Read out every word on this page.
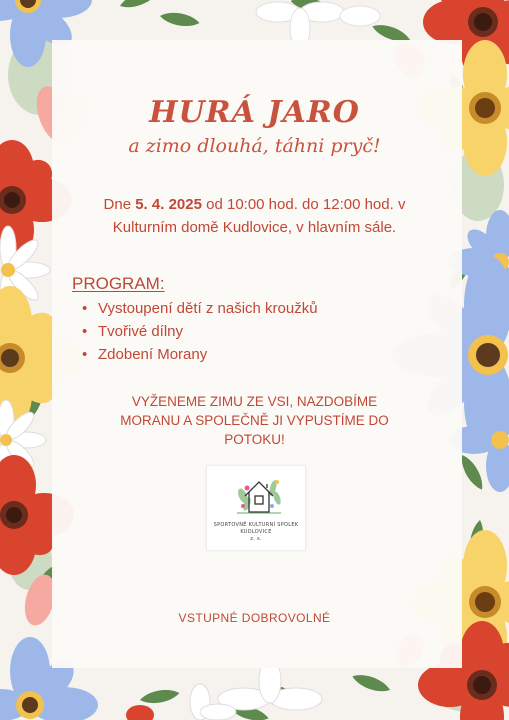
HURÁ JARO
a zimo dlouhá, táhni pryč!
Dne 5. 4. 2025 od 10:00 hod. do 12:00 hod. v Kulturním domě Kudlovice, v hlavním sále.
PROGRAM:
• Vystoupení dětí z našich kroužků
• Tvořivé dílny
• Zdobení Morany
VYŽENEME ZIMU ZE VSI, NAZDOBÍME MORANU A SPOLEČNĚ JI VYPUSTÍME DO POTOKU!
SPORTOVNĚ KULTURNÍ SPOLEK KUDLOVICE
z. s.
VSTUPNÉ DOBROVOLNÉ
